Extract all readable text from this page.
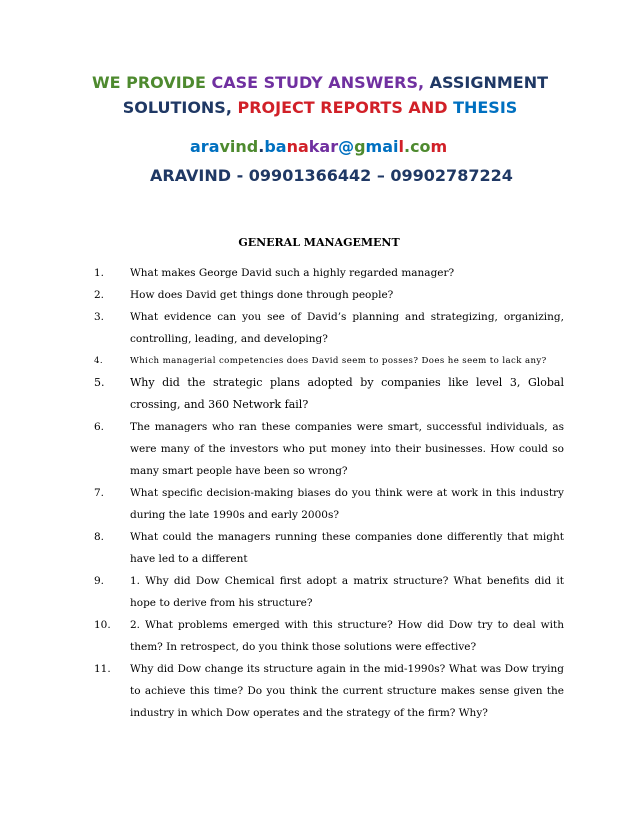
WE PROVIDE CASE STUDY ANSWERS, ASSIGNMENT
SOLUTIONS, PROJECT REPORTS AND THESIS
aravind.banakar@gmail.com
ARAVIND - 09901366442 – 09902787224
GENERAL MANAGEMENT
1. What makes George David such a highly regarded manager?
2. How does David get things done through people?
3. What evidence can you see of David’s planning and strategizing, organizing, controlling, leading, and developing?
4.	Which managerial competencies does David seem to posses? Does he seem to lack any?
5. Why did the strategic plans adopted by companies like level 3, Global crossing, and 360 Network fail?
6. The managers who ran these companies were smart, successful individuals, as were many of the investors who put money into their businesses. How could so many smart people have been so wrong?
7. What specific decision-making biases do you think were at work in this industry during the late 1990s and early 2000s?
8. What could the managers running these companies done differently that might have led to a different
9. 1. Why did Dow Chemical first adopt a matrix structure? What benefits did it hope to derive from his structure?
10. 2. What problems emerged with this structure? How did Dow try to deal with them? In retrospect, do you think those solutions were effective?
11. Why did Dow change its structure again in the mid-1990s? What was Dow trying to achieve this time? Do you think the current structure makes sense given the industry in which Dow operates and the strategy of the firm? Why?
